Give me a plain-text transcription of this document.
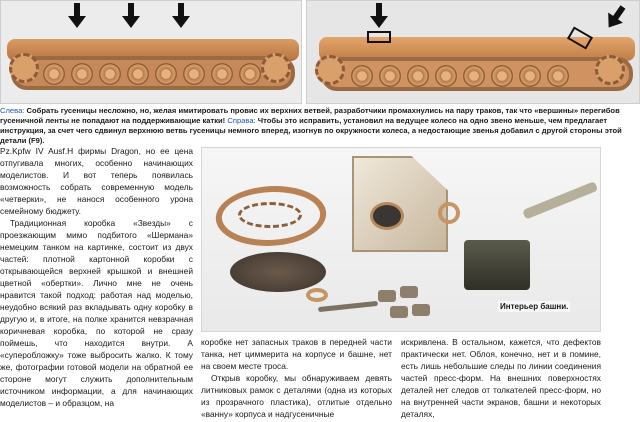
Слева: Собрать гусеницы несложно, но, желая имитировать провис их верхних ветвей, разработчики промахнулись на пару траков, так что «вершины» перегибов гусеничной ленты не попадают на поддерживающие катки! Справа: Чтобы это исправить, установил на ведущее колесо на одно звено меньше, чем предлагает инструкция, за счет чего сдвинул верхнюю ветвь гусеницы немного вперед, изогнув по окружности колеса, а недостающие звенья добавил с другой стороны этой детали (F9).

Pz.Kpfw IV Ausf.H фирмы Dragon, но ее цена отпугивала многих, особенно начинающих моделистов. И вот теперь появилась возможность собрать современную модель «четверки», не нанося особенного урона семейному бюджету.

Традиционная коробка «Звезды» с проезжающим мимо подбитого «Шермана» немецким танком на картинке, состоит из двух частей: плотной картонной коробки с открывающейся верхней крышкой и внешней цветной «обертки». Лично мне не очень нравится такой подход: работая над моделью, неудобно всякий раз вкладывать одну коробку в другую и, в итоге, на полке хранится невзрачная коричневая коробка, по которой не сразу поймешь, что находится внутри. А «суперобложку» тоже выбросить жалко. К тому же, фотографии готовой модели на обратной ее стороне могут служить дополнительным источником информации, а для начинающих моделистов – и образцом, на

Интерьер башни.

коробке нет запасных траков в передней части танка, нет циммерита на корпусе и башне, нет на своем месте троса.

Открыв коробку, мы обнаруживаем девять литниковых рамок с деталями (одна из которых из прозрачного пластика), отлитые отдельно «ванну» корпуса и надгусеничные

искривлена. В остальном, кажется, что дефектов практически нет. Облоя, конечно, нет и в помине, есть лишь небольшие следы по линии соединения частей пресс-форм. На внешних поверхностях деталей нет следов от толкателей пресс-форм, но на внутренней части экранов, башни и некоторых деталях,
